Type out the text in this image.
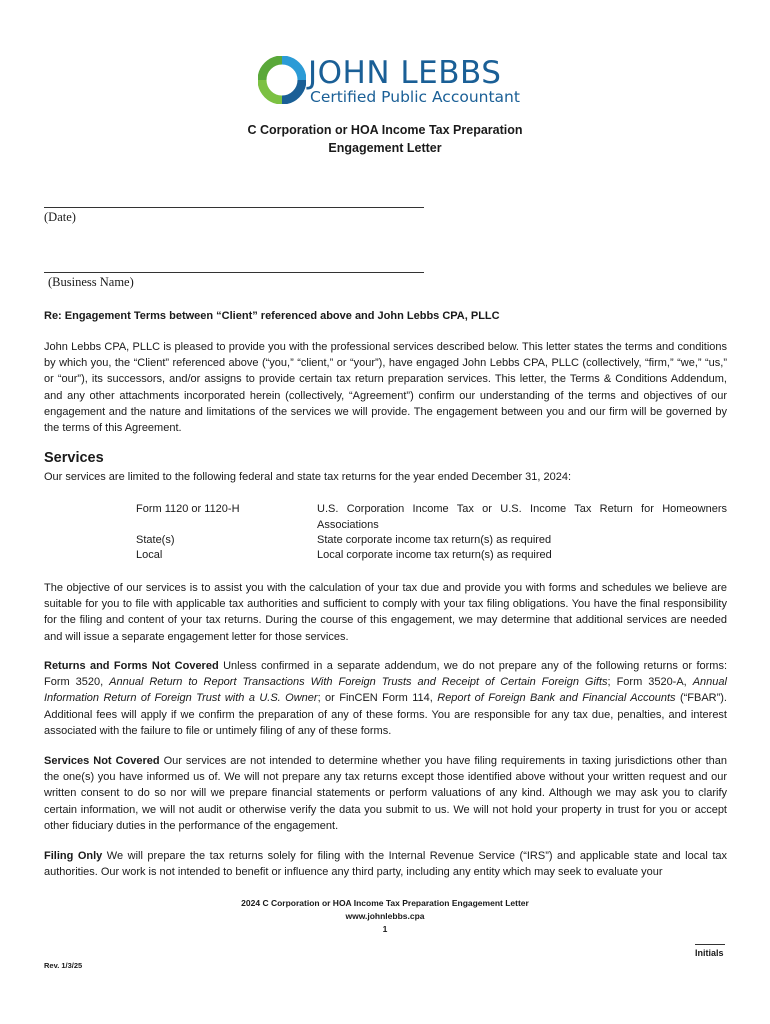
JOHN LEBBS
Certified Public Accountant
C Corporation or HOA Income Tax Preparation
Engagement Letter
(Date)
(Business Name)
Re: Engagement Terms between “Client” referenced above and John Lebbs CPA, PLLC
John Lebbs CPA, PLLC is pleased to provide you with the professional services described below. This letter states the terms and conditions by which you, the “Client” referenced above (“you,” “client,” or “your”), have engaged John Lebbs CPA, PLLC (collectively, “firm,” “we,” “us,” or “our”), its successors, and/or assigns to provide certain tax return preparation services. This letter, the Terms & Conditions Addendum, and any other attachments incorporated herein (collectively, “Agreement”) confirm our understanding of the terms and objectives of our engagement and the nature and limitations of the services we will provide. The engagement between you and our firm will be governed by the terms of this Agreement.
Services
Our services are limited to the following federal and state tax returns for the year ended December 31, 2024:
Form 1120 or 1120-H	U.S. Corporation Income Tax or U.S. Income Tax Return for Homeowners Associations
State(s)	State corporate income tax return(s) as required
Local	Local corporate income tax return(s) as required
The objective of our services is to assist you with the calculation of your tax due and provide you with forms and schedules we believe are suitable for you to file with applicable tax authorities and sufficient to comply with your tax filing obligations. You have the final responsibility for the filing and content of your tax returns. During the course of this engagement, we may determine that additional services are needed and will issue a separate engagement letter for those services.
Returns and Forms Not Covered Unless confirmed in a separate addendum, we do not prepare any of the following returns or forms: Form 3520, Annual Return to Report Transactions With Foreign Trusts and Receipt of Certain Foreign Gifts; Form 3520-A, Annual Information Return of Foreign Trust with a U.S. Owner; or FinCEN Form 114, Report of Foreign Bank and Financial Accounts (“FBAR”). Additional fees will apply if we confirm the preparation of any of these forms. You are responsible for any tax due, penalties, and interest associated with the failure to file or untimely filing of any of these forms.
Services Not Covered Our services are not intended to determine whether you have filing requirements in taxing jurisdictions other than the one(s) you have informed us of. We will not prepare any tax returns except those identified above without your written request and our written consent to do so nor will we prepare financial statements or perform valuations of any kind. Although we may ask you to clarify certain information, we will not audit or otherwise verify the data you submit to us. We will not hold your property in trust for you or accept other fiduciary duties in the performance of the engagement.
Filing Only We will prepare the tax returns solely for filing with the Internal Revenue Service (“IRS”) and applicable state and local tax authorities. Our work is not intended to benefit or influence any third party, including any entity which may seek to evaluate your
2024 C Corporation or HOA Income Tax Preparation Engagement Letter
www.johnlebbs.cpa
1
Initials
Rev. 1/3/25
